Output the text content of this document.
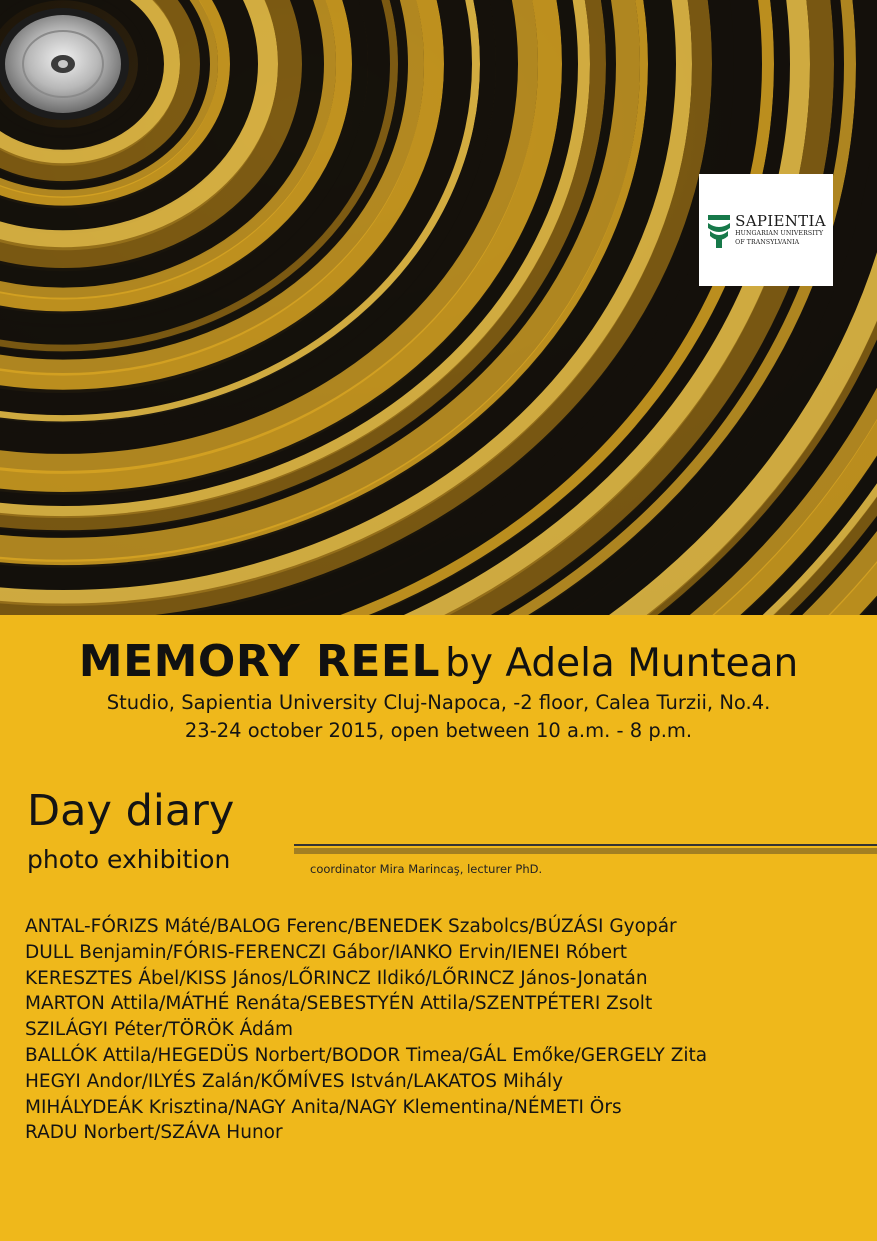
SAPIENTIA
HUNGARIAN UNIVERSITY
OF TRANSYLVANIA
MEMORY REEL by Adela Muntean
Studio, Sapientia University Cluj-Napoca, -2 floor, Calea Turzii, No.4.
23-24 october 2015, open between 10 a.m. - 8 p.m.
Day diary
photo exhibition	coordinator Mira Marincaş, lecturer PhD.
ANTAL-FÓRIZS Máté/BALOG Ferenc/BENEDEK Szabolcs/BÚZÁSI Gyopár
DULL Benjamin/FÓRIS-FERENCZI Gábor/IANKO Ervin/IENEI Róbert
KERESZTES Ábel/KISS János/LŐRINCZ Ildikó/LŐRINCZ János-Jonatán
MARTON Attila/MÁTHÉ Renáta/SEBESTYÉN Attila/SZENTPÉTERI Zsolt
SZILÁGYI Péter/TÖRÖK Ádám
BALLÓK Attila/HEGEDÜS Norbert/BODOR Timea/GÁL Emőke/GERGELY Zita
HEGYI Andor/ILYÉS Zalán/KŐMÍVES István/LAKATOS Mihály
MIHÁLYDEÁK Krisztina/NAGY Anita/NAGY Klementina/NÉMETI Örs
RADU Norbert/SZÁVA Hunor
